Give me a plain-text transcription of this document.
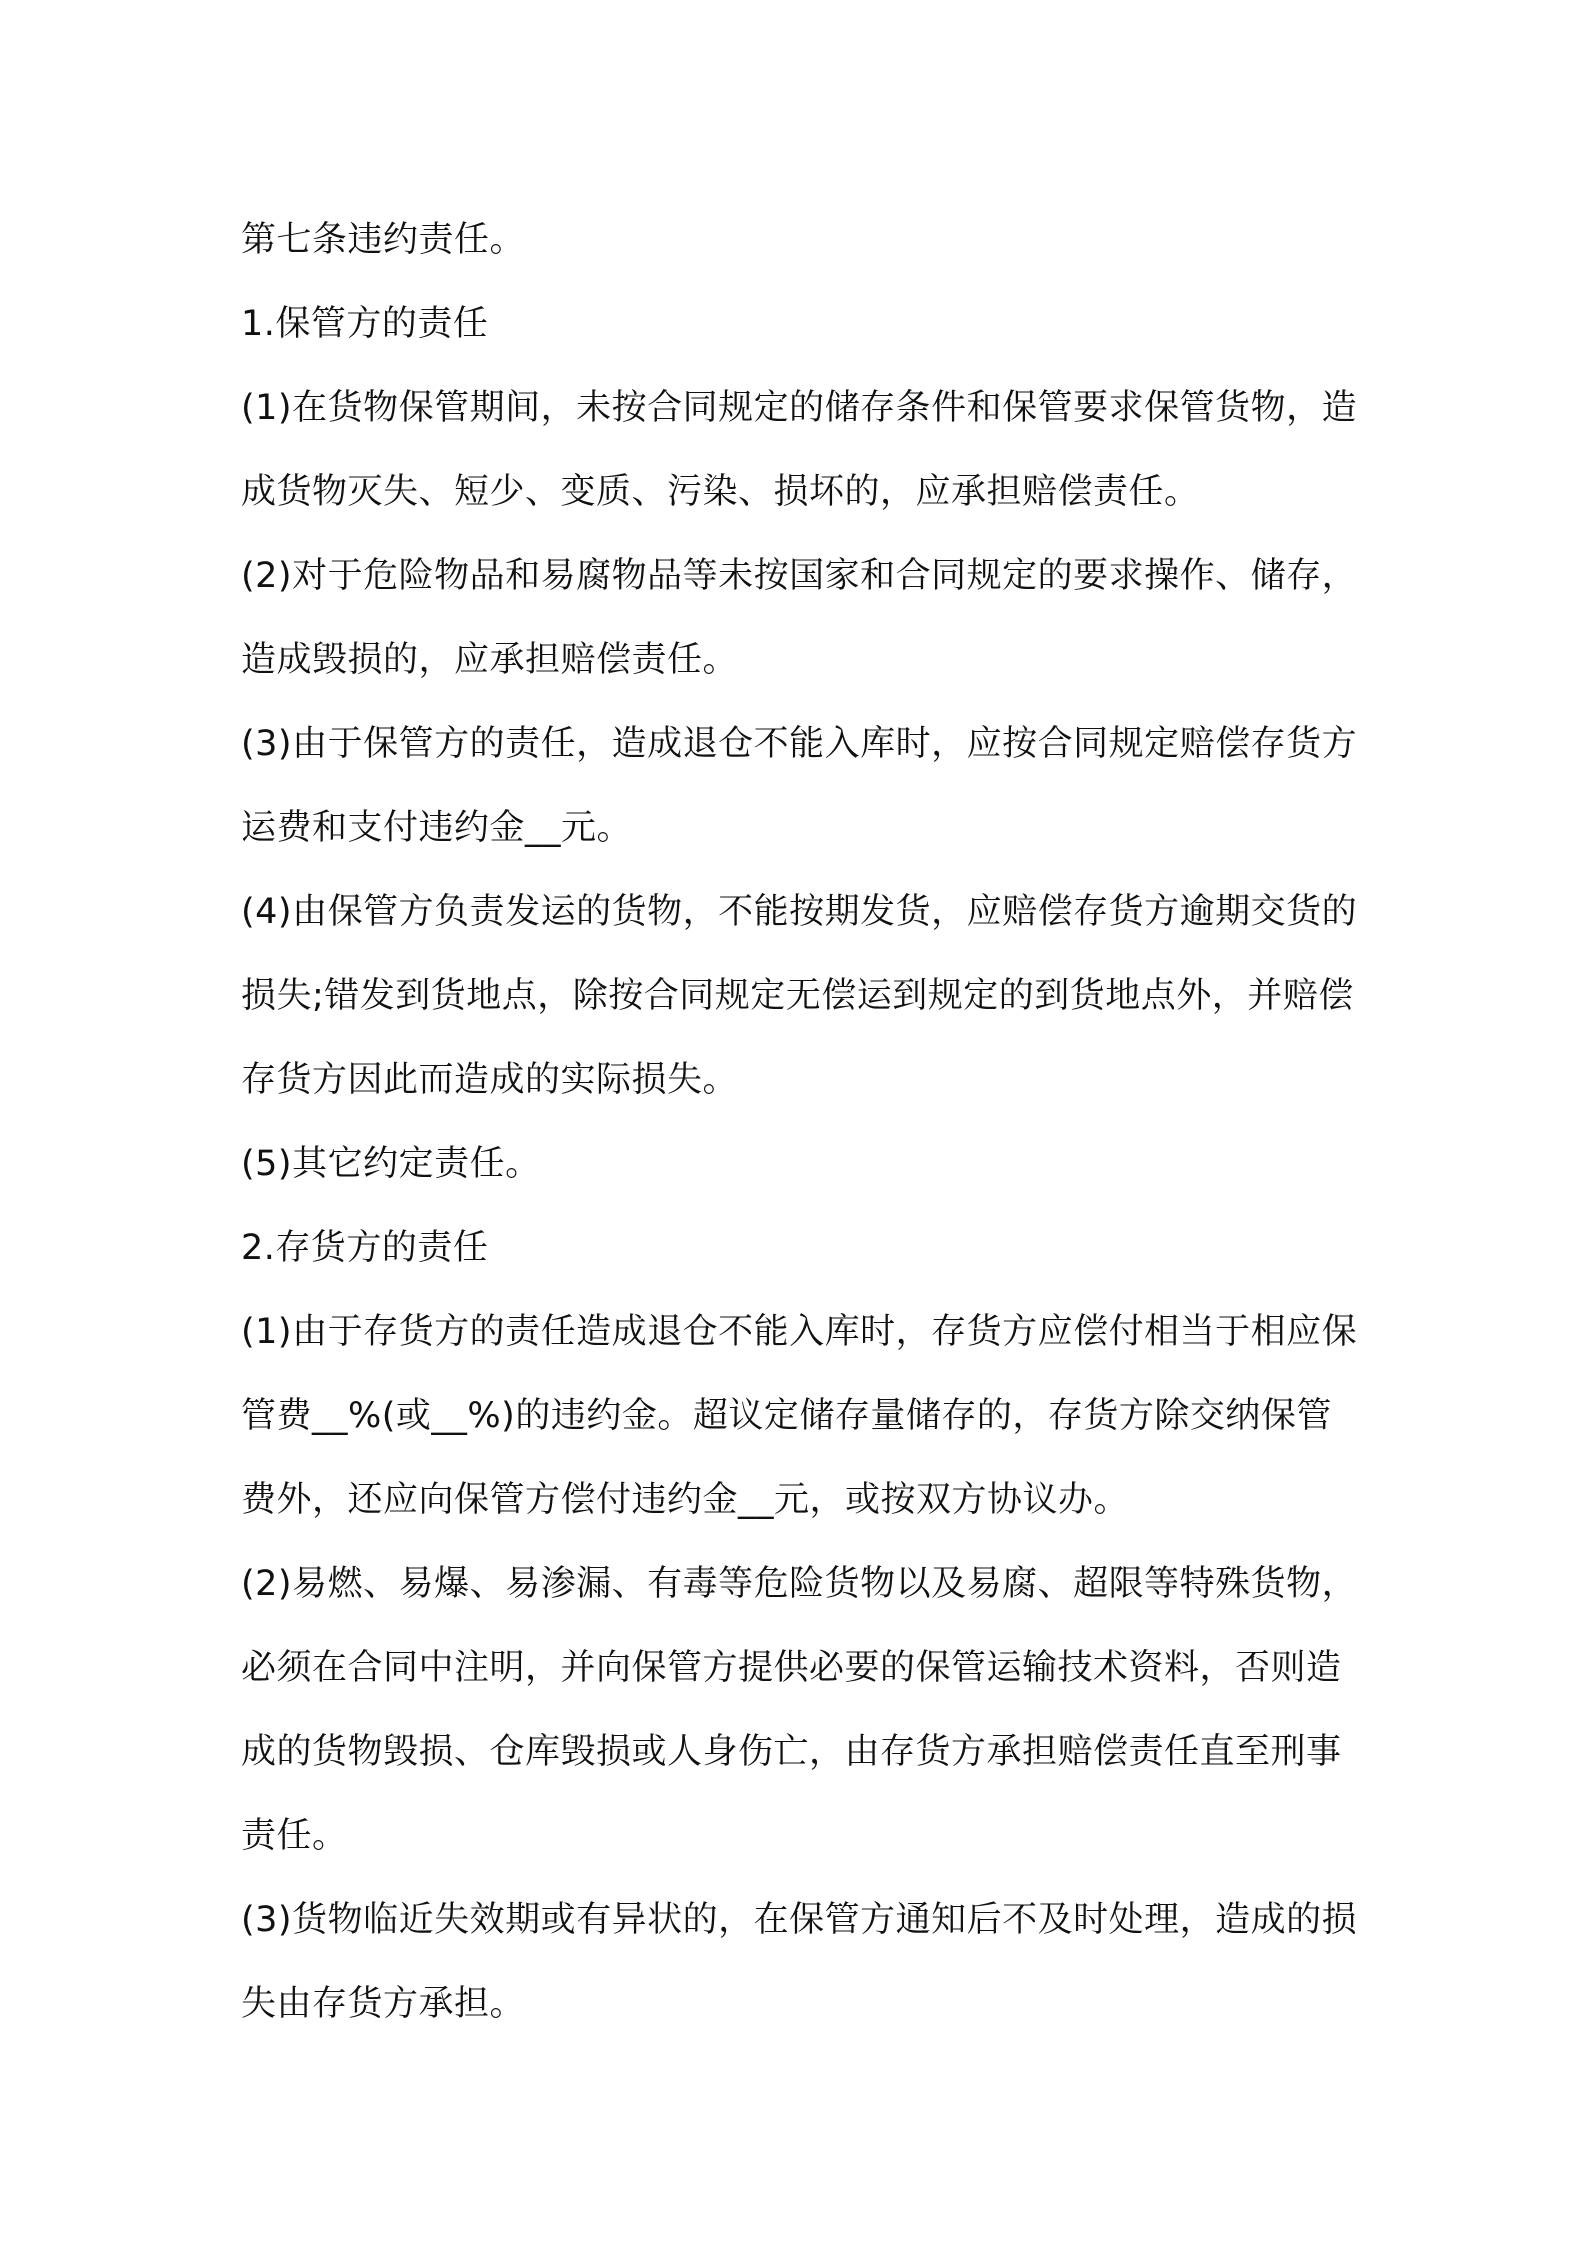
第七条违约责任。

1.保管方的责任

(1)在货物保管期间，未按合同规定的储存条件和保管要求保管货物，造成货物灭失、短少、变质、污染、损坏的，应承担赔偿责任。

(2)对于危险物品和易腐物品等未按国家和合同规定的要求操作、储存，造成毁损的，应承担赔偿责任。

(3)由于保管方的责任，造成退仓不能入库时，应按合同规定赔偿存货方运费和支付违约金__元。

(4)由保管方负责发运的货物，不能按期发货，应赔偿存货方逾期交货的损失;错发到货地点，除按合同规定无偿运到规定的到货地点外，并赔偿存货方因此而造成的实际损失。

(5)其它约定责任。

2.存货方的责任

(1)由于存货方的责任造成退仓不能入库时，存货方应偿付相当于相应保管费__%(或__%)的违约金。超议定储存量储存的，存货方除交纳保管费外，还应向保管方偿付违约金__元，或按双方协议办。

(2)易燃、易爆、易渗漏、有毒等危险货物以及易腐、超限等特殊货物，必须在合同中注明，并向保管方提供必要的保管运输技术资料，否则造成的货物毁损、仓库毁损或人身伤亡，由存货方承担赔偿责任直至刑事责任。

(3)货物临近失效期或有异状的，在保管方通知后不及时处理，造成的损失由存货方承担。
